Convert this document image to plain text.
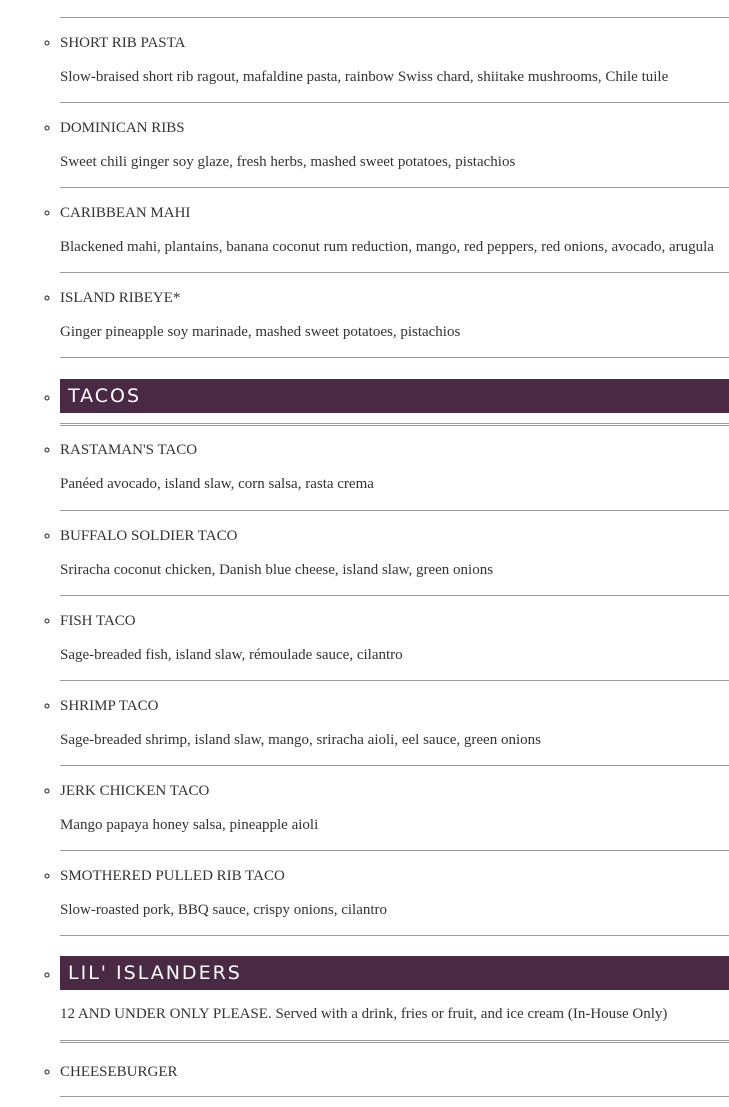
◦ SHORT RIB PASTA
Slow-braised short rib ragout, mafaldine pasta, rainbow Swiss chard, shiitake mushrooms, Chile tuile
◦ DOMINICAN RIBS
Sweet chili ginger soy glaze, fresh herbs, mashed sweet potatoes, pistachios
◦ CARIBBEAN MAHI
Blackened mahi, plantains, banana coconut rum reduction, mango, red peppers, red onions, avocado, arugula
◦ ISLAND RIBEYE*
Ginger pineapple soy marinade, mashed sweet potatoes, pistachios
◦ TACOS
◦ RASTAMAN'S TACO
Panéed avocado, island slaw, corn salsa, rasta crema
◦ BUFFALO SOLDIER TACO
Sriracha coconut chicken, Danish blue cheese, island slaw, green onions
◦ FISH TACO
Sage-breaded fish, island slaw, rémoulade sauce, cilantro
◦ SHRIMP TACO
Sage-breaded shrimp, island slaw, mango, sriracha aioli, eel sauce, green onions
◦ JERK CHICKEN TACO
Mango papaya honey salsa, pineapple aioli
◦ SMOTHERED PULLED RIB TACO
Slow-roasted pork, BBQ sauce, crispy onions, cilantro
◦ LIL' ISLANDERS
12 AND UNDER ONLY PLEASE. Served with a drink, fries or fruit, and ice cream (In-House Only)
◦ CHEESEBURGER
